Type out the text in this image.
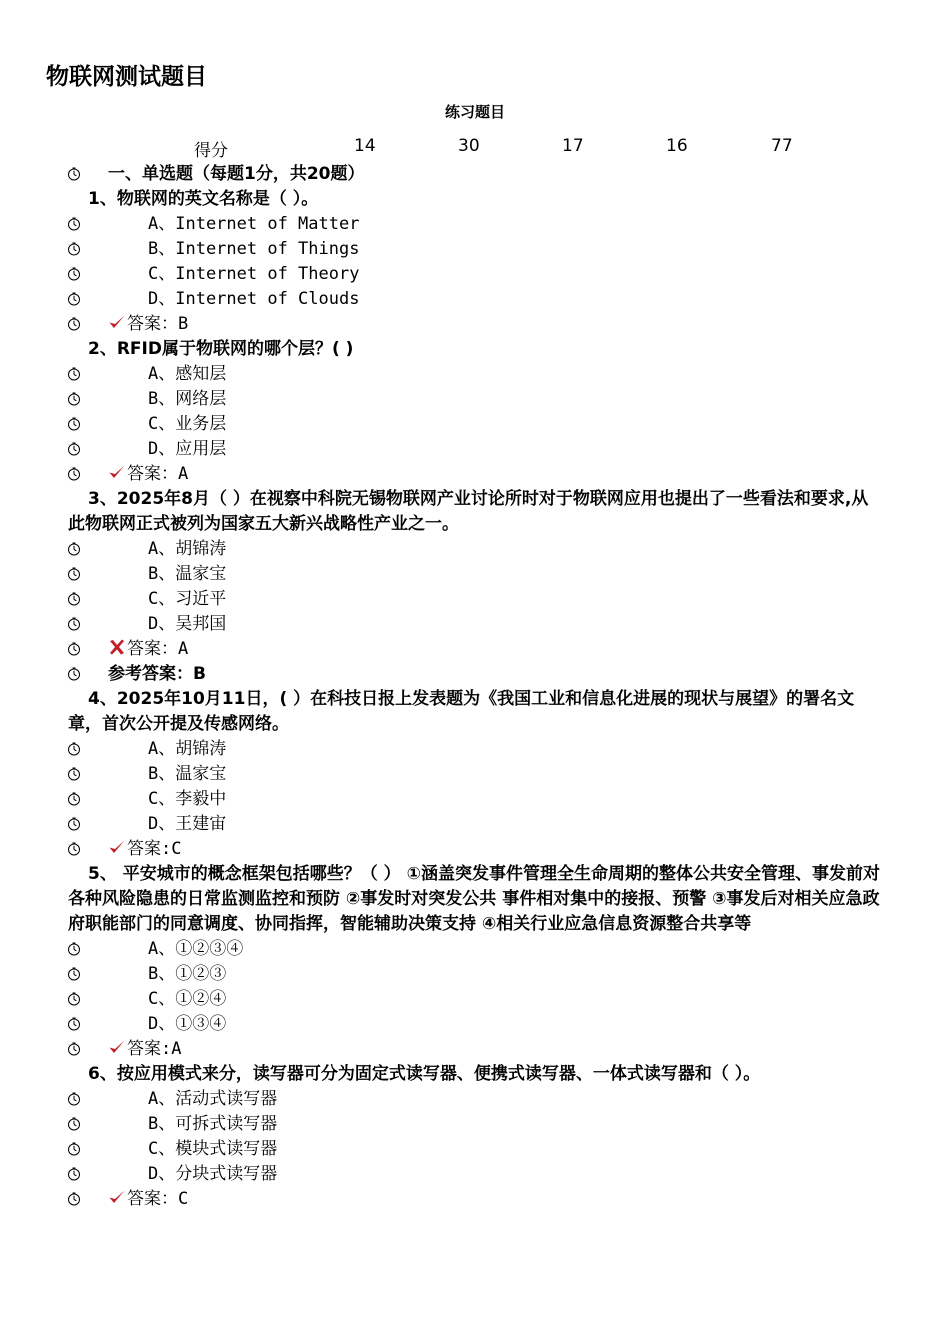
物联网测试题目
练习题目
得分	14	30	17	16	77
一、单选题（每题1分，共20题）
1、物联网的英文名称是（ ）。
A、Internet of Matter
B、Internet of Things
C、Internet of Theory
D、Internet of Clouds
答案：B
2、RFID属于物联网的哪个层？( )
A、感知层
B、网络层
C、业务层
D、应用层
答案：A
3、2025年8月（ ）在视察中科院无锡物联网产业讨论所时对于物联网应用也提出了一些看法和要求,从此物联网正式被列为国家五大新兴战略性产业之一。
A、胡锦涛
B、温家宝
C、习近平
D、吴邦国
答案：A
参考答案：B
4、2025年10月11日，( ）在科技日报上发表题为《我国工业和信息化进展的现状与展望》的署名文章，首次公开提及传感网络。
A、胡锦涛
B、温家宝
C、李毅中
D、王建宙
答案:C
5、 平安城市的概念框架包括哪些？（ ） ①涵盖突发事件管理全生命周期的整体公共安全管理、事发前对各种风险隐患的日常监测监控和预防 ②事发时对突发公共 事件相对集中的接报、预警 ③事发后对相关应急政府职能部门的同意调度、协同指挥，智能辅助决策支持 ④相关行业应急信息资源整合共享等
A、①②③④
B、①②③
C、①②④
D、①③④
答案:A
6、按应用模式来分，读写器可分为固定式读写器、便携式读写器、一体式读写器和（ ）。
A、活动式读写器
B、可拆式读写器
C、模块式读写器
D、分块式读写器
答案：C
